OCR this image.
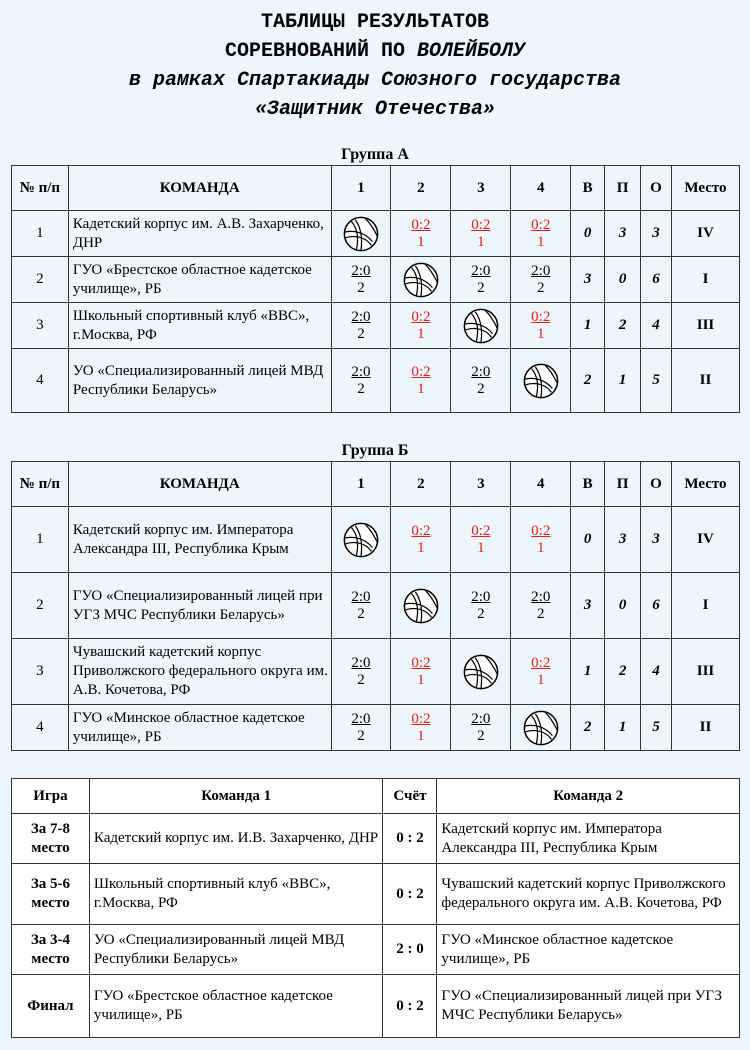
ТАБЛИЦЫ РЕЗУЛЬТАТОВ
СОРЕВНОВАНИЙ ПО ВОЛЕЙБОЛУ
в рамках Спартакиады Союзного государства
«Защитник Отечества»
Группа А
№ п/п	КОМАНДА	1	2	3	4	В	П	О	Место
1	Кадетский корпус им. А.В. Захарченко, ДНР		$\frac{0:2}{1}$	$\frac{0:2}{1}$	$\frac{0:2}{1}$	0	3	3	IV
2	ГУО «Брестское областное кадетское училище», РБ	$\frac{2:0}{2}$		$\frac{2:0}{2}$	$\frac{2:0}{2}$	3	0	6	I
3	Школьный спортивный клуб «ВВС», г.Москва, РФ	$\frac{2:0}{2}$	$\frac{0:2}{1}$		$\frac{0:2}{1}$	1	2	4	III
4	УО «Специализированный лицей МВД Республики Беларусь»	$\frac{2:0}{2}$	$\frac{0:2}{1}$	$\frac{2:0}{2}$		2	1	5	II
Группа Б
№ п/п	КОМАНДА	1	2	3	4	В	П	О	Место
1	Кадетский корпус им. Императора Александра III, Республика Крым		$\frac{0:2}{1}$	$\frac{0:2}{1}$	$\frac{0:2}{1}$	0	3	3	IV
2	ГУО «Специализированный лицей при УГЗ МЧС Республики Беларусь»	$\frac{2:0}{2}$		$\frac{2:0}{2}$	$\frac{2:0}{2}$	3	0	6	I
3	Чувашский кадетский корпус Приволжского федерального округа им. А.В. Кочетова, РФ	$\frac{2:0}{2}$	$\frac{0:2}{1}$		$\frac{0:2}{1}$	1	2	4	III
4	ГУО «Минское областное кадетское училище», РБ	$\frac{2:0}{2}$	$\frac{0:2}{1}$	$\frac{2:0}{2}$		2	1	5	II
Игра	Команда 1	Счёт	Команда 2
За 7-8 место	Кадетский корпус им. И.В. Захарченко, ДНР	0 : 2	Кадетский корпус им. Императора Александра III, Республика Крым
За 5-6 место	Школьный спортивный клуб «ВВС», г.Москва, РФ	0 : 2	Чувашский кадетский корпус Приволжского федерального округа им. А.В. Кочетова, РФ
За 3-4 место	УО «Специализированный лицей МВД Республики Беларусь»	2 : 0	ГУО «Минское областное кадетское училище», РБ
Финал	ГУО «Брестское областное кадетское училище», РБ	0 : 2	ГУО «Специализированный лицей при УГЗ МЧС Республики Беларусь»
